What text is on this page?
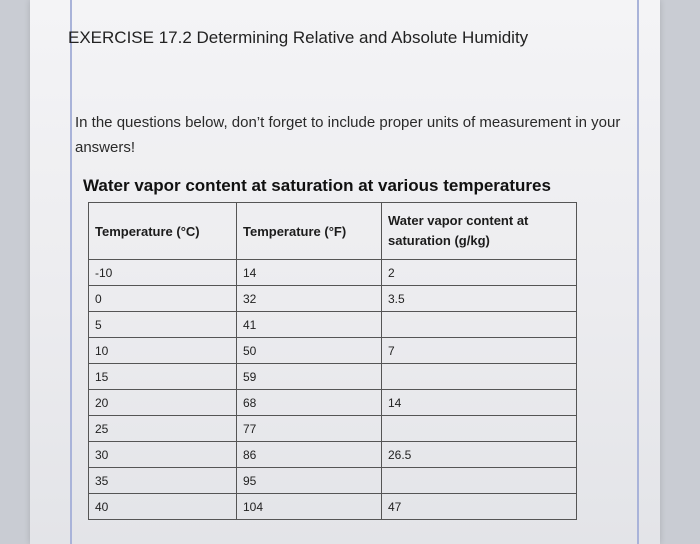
EXERCISE 17.2 Determining Relative and Absolute Humidity
In the questions below, don’t forget to include proper units of measurement in your answers!
Water vapor content at saturation at various temperatures
Temperature (°C)	Temperature (°F)	Water vapor content at saturation (g/kg)
-10	14	2
0	32	3.5
5	41	
10	50	7
15	59	
20	68	14
25	77	
30	86	26.5
35	95	
40	104	47
